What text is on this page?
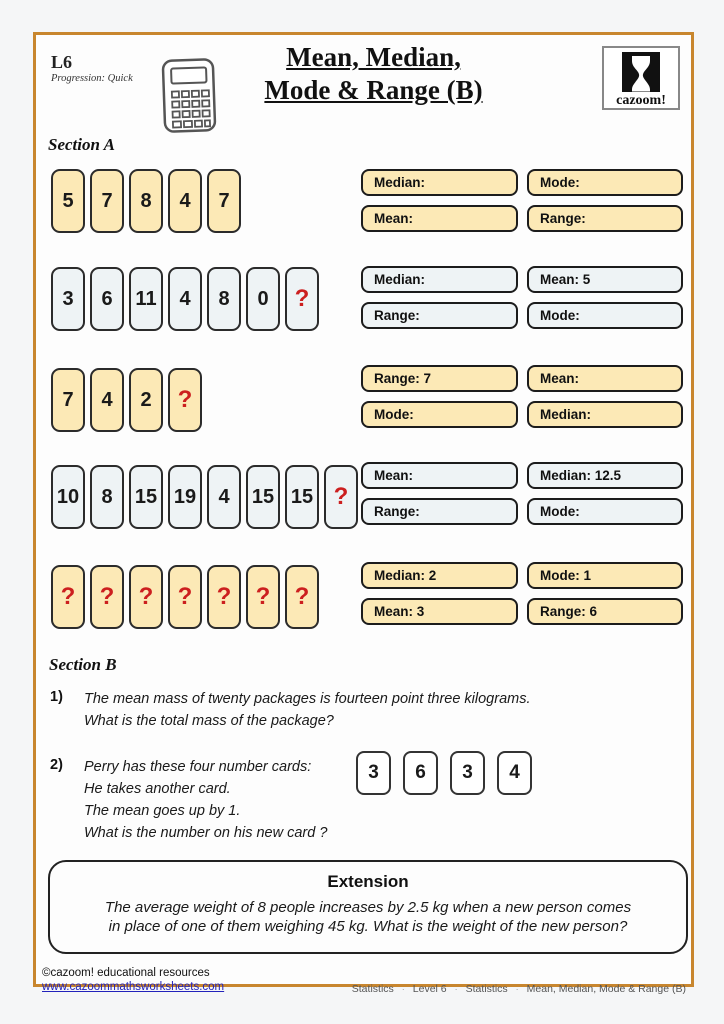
L6
Progression: Quick
Mean, Median,
Mode & Range (B)	cazoom!
Section A
5	7	8	4	7
Median:	Mode:
Mean:	Range:
3	6	11	4	8	0	?
Median:	Mean: 5
Range:	Mode:
7	4	2	?
Range: 7	Mean:
Mode:	Median:
10	8	15 19	4	15 15 ?
Mean:	Median: 12.5
Range:	Mode:
?	?	?	?	?	?	?
Median: 2	Mode: 1
Mean: 3	Range: 6
Section B
1) The mean mass of twenty packages is fourteen point three kilograms.
What is the total mass of the package?
2) Perry has these four number cards:
He takes another card.
The mean goes up by 1.
What is the number on his new card ?
3	6	3	4
Extension
The average weight of 8 people increases by 2.5 kg when a new person comes
in place of one of them weighing 45 kg. What is the weight of the new person?
©cazoom! educational resources
www.cazoommathsworksheets.com	Statistics · Level 6 · Statistics · Mean, Median, Mode & Range (B)
